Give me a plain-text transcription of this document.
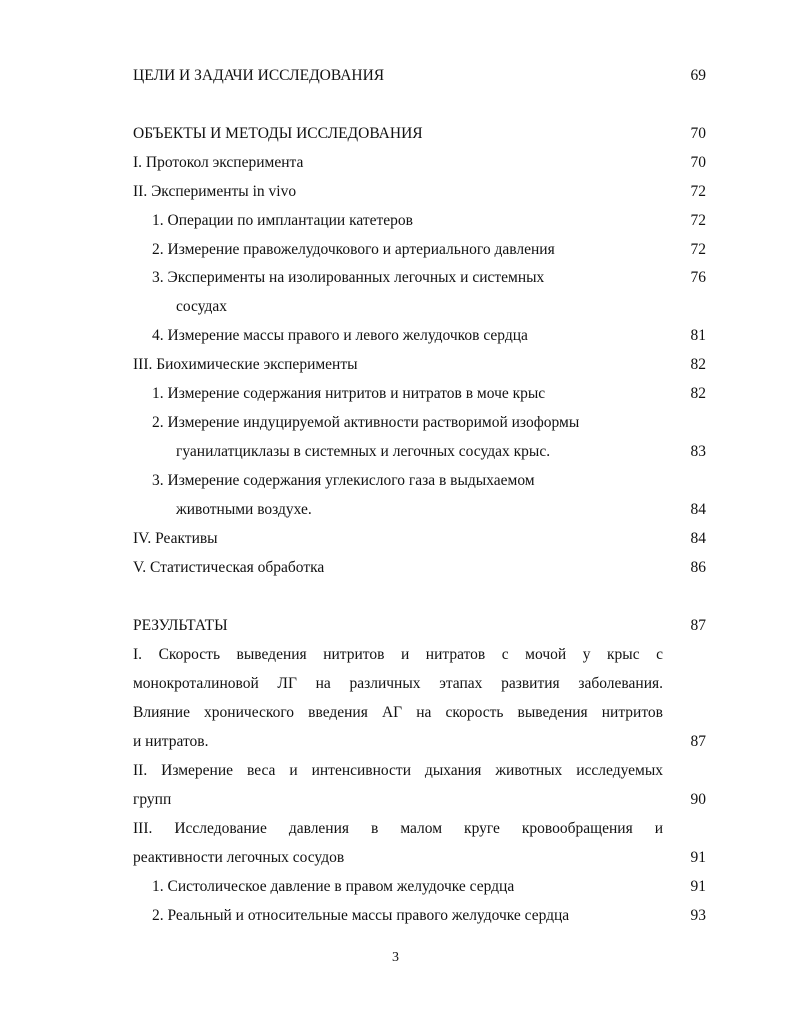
ЦЕЛИ И ЗАДАЧИ ИССЛЕДОВАНИЯ	69
ОБЪЕКТЫ И МЕТОДЫ ИССЛЕДОВАНИЯ	70
I. Протокол эксперимента	70
II. Эксперименты in vivo	72
1. Операции по имплантации катетеров	72
2. Измерение правожелудочкового и артериального давления	72
3. Эксперименты на изолированных легочных и системных	76
сосудах
4. Измерение массы правого и левого желудочков сердца	81
III. Биохимические эксперименты	82
1. Измерение содержания нитритов и нитратов в моче крыс	82
2. Измерение индуцируемой активности растворимой изоформы
гуанилатциклазы в системных и легочных сосудах крыс.	83
3. Измерение содержания углекислого газа в выдыхаемом
животными воздухе.	84
IV. Реактивы	84
V. Статистическая обработка	86
РЕЗУЛЬТАТЫ	87
I. Скорость выведения нитритов и нитратов с мочой у крыс с
монокроталиновой ЛГ на различных этапах развития заболевания.
Влияние хронического введения АГ на скорость выведения нитритов
и нитратов.	87
II. Измерение веса и интенсивности дыхания животных исследуемых
групп	90
III. Исследование давления в малом круге кровообращения и
реактивности легочных сосудов	91
1. Систолическое давление в правом желудочке сердца	91
2. Реальный и относительные массы правого желудочке сердца	93
3
